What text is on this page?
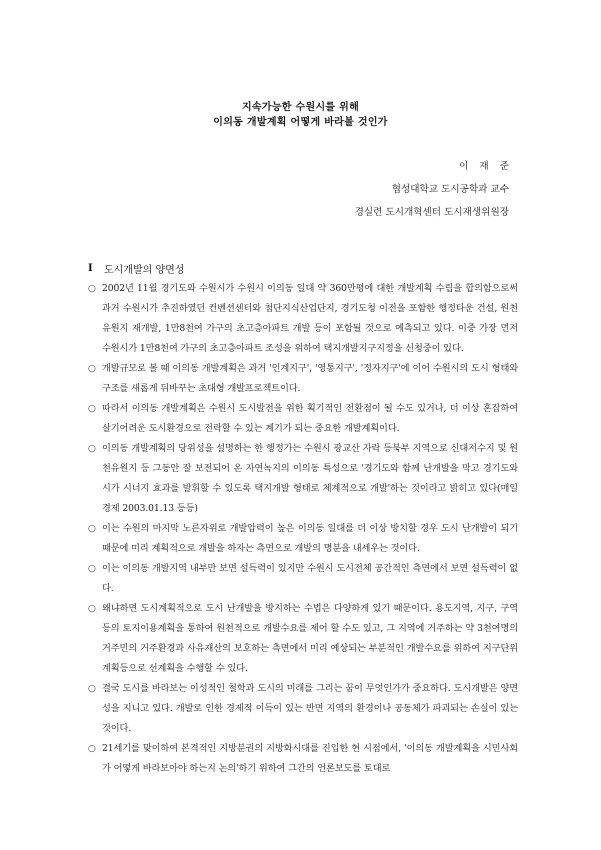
지속가능한 수원시를 위해
이의동 개발계획 어떻게 바라볼 것인가
이 재 준
협성대학교 도시공학과 교수
경실련 도시개혁센터 도시재생위원장
Ⅰ	도시개발의 양면성
○ 2002년 11월 경기도와 수원시가 수원시 이의동 일대 약 360만평에 대한 개발계획 수립을 합의함으로써 과거 수원시가 추진하였던 컨벤션센터와 첨단지식산업단지, 경기도청 이전을 포함한 행정타운 건설, 원천유원지 재개발, 1만8천여 가구의 초고층아파트 개발 등이 포함될 것으로 예측되고 있다. 이중 가장 먼저 수원시가 1만8천여 가구의 초고층아파트 조성을 위하여 택지개발지구지정을 신청중이 있다.
○ 개발규모로 볼 때 이의동 개발계획은 과거 '인계지구', '영통지구', '정자지구'에 이어 수원시의 도시 형태와 구조를 새롭게 뒤바꾸는 초대형 개발프로젝트이다.
○ 따라서 이의동 개발계획은 수원시 도시발전을 위한 획기적인 전환점이 될 수도 있거나, 더 이상 혼잡하여 살기어려운 도시환경으로 전락할 수 있는 계기가 되는 중요한 개발계획이다.
○ 이의동 개발계획의 당위성을 설명하는 한 행정가는 수원시 광교산 자락 등북부 지역으로 신대저수지 및 원천유원지 등 그동안 잘 보전되어 온 자연녹지의 이의동 특성으로 '경기도와 함께 난개발을 막고 경기도와 시가 시너지 효과를 발휘할 수 있도록 택지개발 형태로 체계적으로 개발'하는 것이라고 밝히고 있다(매일경제 2003.01.13 등등)
○ 이는 수원의 마지막 노른자위로 개발압력이 높은 이의동 일대를 더 이상 방치할 경우 도시 난개발이 되기 때문에 미리 계획적으로 개발을 하자는 측면으로 개발의 명분을 내세우는 것이다.
○ 이는 이의동 개발지역 내부만 보면 설득력이 있지만 수원시 도시전체 공간적인 측면에서 보면 설득력이 없다.
○ 왜냐하면 도시계획적으로 도시 난개발을 방지하는 수법은 다양하게 있기 때문이다. 용도지역, 지구, 구역 등의 토지이용계획을 통하여 원천적으로 개발수요를 제어 할 수도 있고, 그 지역에 거주하는 약 3천여명의 거주민의 거주환경과 사유재산의 보호하는 측면에서 미리 예상되는 부분적인 개발수요를 위하여 지구단위계획등으로 선계획을 수행할 수 있다.
○ 결국 도시를 바라보는 이성적인 철학과 도시의 미래를 그리는 꿈이 무엇인가가 중요하다. 도시개발은 양면성을 지니고 있다. 개발로 인한 경제적 이득이 있는 반면 지역의 환경이나 공동체가 파괴되는 손실이 있는 것이다.
○ 21세기를 맞이하여 본격적인 지방분권의 지방화시대를 진입한 현 시점에서, '이의동 개발계획을 시민사회가 어떻게 바라보아야 하는지 논의'하기 위하여 그간의 언론보도를 토대로
